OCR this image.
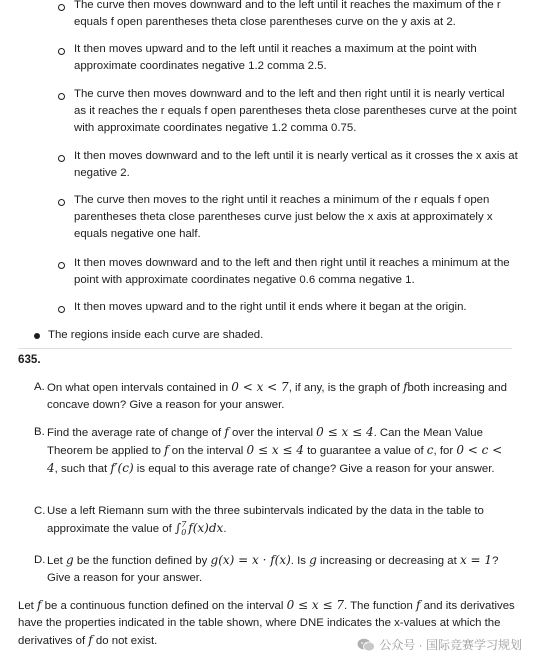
The curve then moves downward and to the left until it reaches the maximum of the r equals f open parentheses theta close parentheses curve on the y axis at 2.
It then moves upward and to the left until it reaches a maximum at the point with approximate coordinates negative 1.2 comma 2.5.
The curve then moves downward and to the left and then right until it is nearly vertical as it reaches the r equals f open parentheses theta close parentheses curve at the point with approximate coordinates negative 1.2 comma 0.75.
It then moves downward and to the left until it is nearly vertical as it crosses the x axis at negative 2.
The curve then moves to the right until it reaches a minimum of the r equals f open parentheses theta close parentheses curve just below the x axis at approximately x equals negative one half.
It then moves downward and to the left and then right until it reaches a minimum at the point with approximate coordinates negative 0.6 comma negative 1.
It then moves upward and to the right until it ends where it began at the origin.
The regions inside each curve are shaded.
635.
A. On what open intervals contained in 0 < x < 7, if any, is the graph of fboth increasing and concave down? Give a reason for your answer.
B. Find the average rate of change of f over the interval 0 ≤ x ≤ 4. Can the Mean Value Theorem be applied to f on the interval 0 ≤ x ≤ 4 to guarantee a value of c, for 0 < c < 4, such that f′(c) is equal to this average rate of change? Give a reason for your answer.
C. Use a left Riemann sum with the three subintervals indicated by the data in the table to approximate the value of ∫ 7
0 f(x)dx.
D. Let g be the function defined by g(x) = x · f(x). Is g increasing or decreasing at x = 1? Give a reason for your answer.
Let f be a continuous function defined on the interval 0 ≤ x ≤ 7. The function f and its derivatives have the properties indicated in the table shown, where DNE indicates the x-values at which the derivatives of f do not exist.	公众号 · 国际竞赛学习规划
